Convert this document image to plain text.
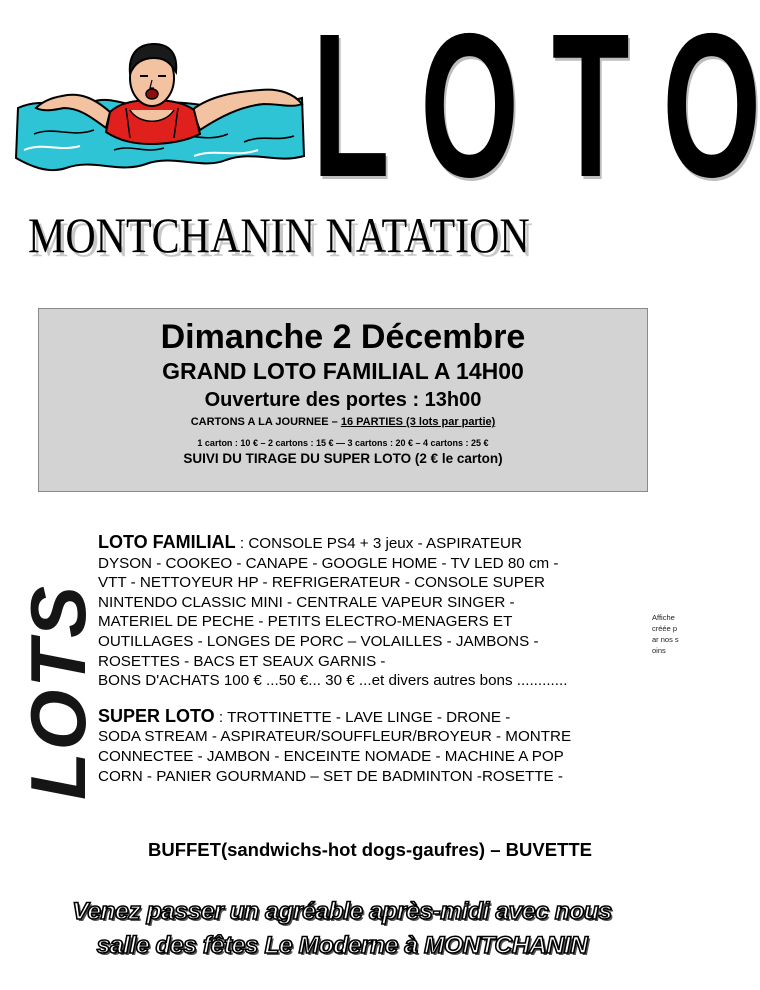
L O T O
MONTCHANIN NATATION
Dimanche 2 Décembre
GRAND LOTO FAMILIAL A 14H00
Ouverture des portes : 13h00
CARTONS A LA JOURNEE – 16 PARTIES (3 lots par partie)
1 carton : 10 € – 2 cartons : 15 € — 3 cartons : 20 € – 4 cartons : 25 €
SUIVI DU TIRAGE DU SUPER LOTO (2 € le carton)
LOTS
LOTO FAMILIAL : CONSOLE PS4 + 3 jeux - ASPIRATEUR
DYSON - COOKEO - CANAPE - GOOGLE HOME - TV LED 80 cm -
VTT - NETTOYEUR HP - REFRIGERATEUR - CONSOLE SUPER
NINTENDO CLASSIC MINI - CENTRALE VAPEUR SINGER -
MATERIEL DE PECHE - PETITS ELECTRO-MENAGERS ET
OUTILLAGES - LONGES DE PORC – VOLAILLES - JAMBONS -
ROSETTES - BACS ET SEAUX GARNIS -
BONS D'ACHATS 100 € ...50 €... 30 € ...et divers autres bons ............
SUPER LOTO : TROTTINETTE - LAVE LINGE - DRONE -
SODA STREAM - ASPIRATEUR/SOUFFLEUR/BROYEUR - MONTRE
CONNECTEE - JAMBON - ENCEINTE NOMADE - MACHINE A POP
CORN - PANIER GOURMAND – SET DE BADMINTON -ROSETTE -
Affiche créée par nos soins
BUFFET(sandwichs-hot dogs-gaufres) – BUVETTE
Venez passer un agréable après-midi avec nous
salle des fêtes Le Moderne à MONTCHANIN
